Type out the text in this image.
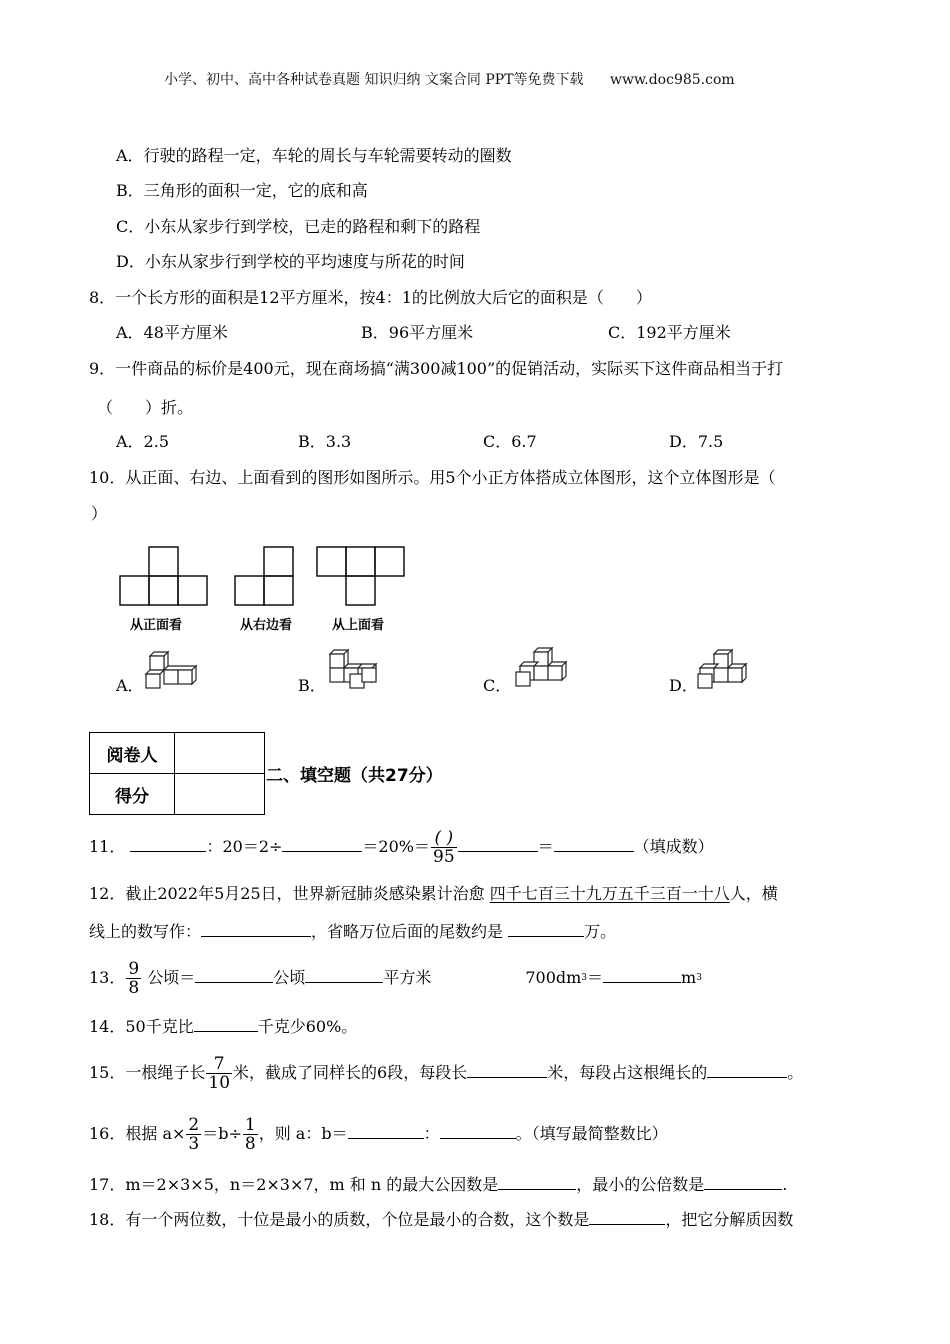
小学、初中、高中各种试卷真题 知识归纳 文案合同 PPT等免费下载 www.doc985.com
A．行驶的路程一定，车轮的周长与车轮需要转动的圈数
B．三角形的面积一定，它的底和高
C．小东从家步行到学校，已走的路程和剩下的路程
D．小东从家步行到学校的平均速度与所花的时间
8．一个长方形的面积是12平方厘米，按4：1的比例放大后它的面积是（　　）
A．48平方厘米	B．96平方厘米	C．192平方厘米
9．一件商品的标价是400元，现在商场搞“满300减100”的促销活动，实际买下这件商品相当于打
（　　）折。
A．2.5	B．3.3	C．6.7	D．7.5
10．从正面、右边、上面看到的图形如图所示。用5个小正方体搭成立体图形，这个立体图形是（
）
从正面看	从右边看	从上面看
A．	B．	C．	D．
阅卷人	
得分	
二、填空题（共27分）
11．	：20＝2÷	$=20\%= \frac{( )}{95}$	＝	（填成数）
12．截止2022年5月25日，世界新冠肺炎感染累计治愈 四千七百三十九万五千三百一十八人，横
线上的数写作：	，省略万位后面的尾数约是	万。
13． $\frac{9}{8}$ 公顷＝	公顷	平方米	$700dm^3=$	$m^3$
14．50千克比	千克少60%。
15．一根绳子长 $\frac{7}{10}$ 米，截成了同样长的6段，每段长	米，每段占这根绳长的	。
16．根据 $a\times \frac{2}{3} =b\div \frac{1}{8}$ ，则 a：b＝	：	。（填写最简整数比）
17．m＝2×3×5，n＝2×3×7，m 和 n 的最大公因数是	，最小的公倍数是	.
18．有一个两位数，十位是最小的质数，个位是最小的合数，这个数是	，把它分解质因数
